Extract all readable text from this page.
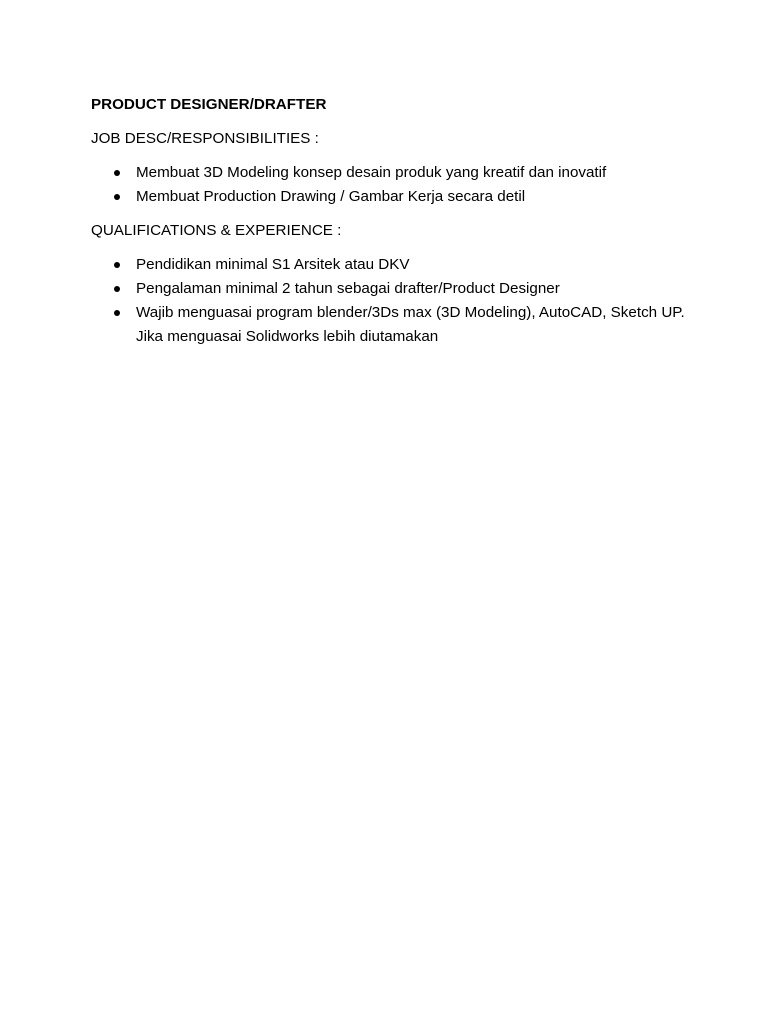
PRODUCT DESIGNER/DRAFTER
JOB DESC/RESPONSIBILITIES :
Membuat 3D Modeling konsep desain produk yang kreatif dan inovatif
Membuat Production Drawing / Gambar Kerja secara detil
QUALIFICATIONS & EXPERIENCE :
Pendidikan minimal S1 Arsitek atau DKV
Pengalaman minimal 2 tahun sebagai drafter/Product Designer
Wajib menguasai program blender/3Ds max (3D Modeling), AutoCAD, Sketch UP. Jika menguasai Solidworks lebih diutamakan
